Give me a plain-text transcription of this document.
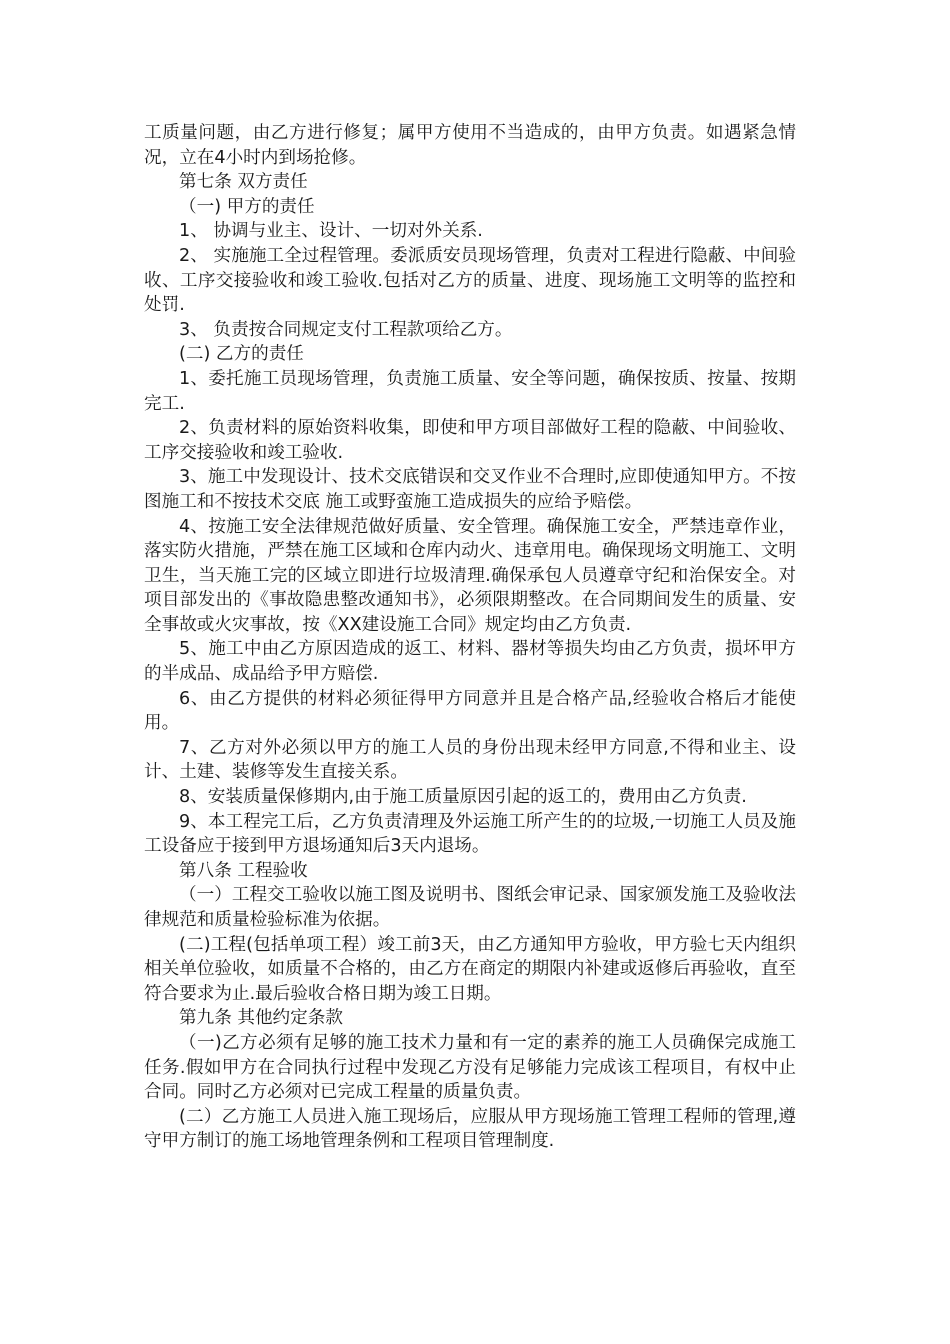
工质量问题，由乙方进行修复；属甲方使用不当造成的，由甲方负责。如遇紧急情况，立在4小时内到场抢修。

第七条 双方责任

（一) 甲方的责任

1、 协调与业主、设计、一切对外关系.

2、 实施施工全过程管理。委派质安员现场管理，负责对工程进行隐蔽、中间验收、工序交接验收和竣工验收.包括对乙方的质量、进度、现场施工文明等的监控和处罚.

3、 负责按合同规定支付工程款项给乙方。

(二) 乙方的责任

1、委托施工员现场管理，负责施工质量、安全等问题，确保按质、按量、按期完工.

2、负责材料的原始资料收集，即使和甲方项目部做好工程的隐蔽、中间验收、工序交接验收和竣工验收.

3、施工中发现设计、技术交底错误和交叉作业不合理时,应即使通知甲方。不按图施工和不按技术交底 施工或野蛮施工造成损失的应给予赔偿。

4、按施工安全法律规范做好质量、安全管理。确保施工安全，严禁违章作业，落实防火措施，严禁在施工区域和仓库内动火、违章用电。确保现场文明施工、文明卫生，当天施工完的区域立即进行垃圾清理.确保承包人员遵章守纪和治保安全。对项目部发出的《事故隐患整改通知书》，必须限期整改。在合同期间发生的质量、安全事故或火灾事故，按《XX建设施工合同》规定均由乙方负责.

5、施工中由乙方原因造成的返工、材料、器材等损失均由乙方负责，损坏甲方的半成品、成品给予甲方赔偿.

6、由乙方提供的材料必须征得甲方同意并且是合格产品,经验收合格后才能使用。

7、乙方对外必须以甲方的施工人员的身份出现未经甲方同意,不得和业主、设计、土建、装修等发生直接关系。

8、安装质量保修期内,由于施工质量原因引起的返工的，费用由乙方负责.

9、本工程完工后，乙方负责清理及外运施工所产生的的垃圾,一切施工人员及施工设备应于接到甲方退场通知后3天内退场。

第八条 工程验收

（一）工程交工验收以施工图及说明书、图纸会审记录、国家颁发施工及验收法律规范和质量检验标准为依据。

(二)工程(包括单项工程）竣工前3天，由乙方通知甲方验收，甲方验七天内组织相关单位验收，如质量不合格的，由乙方在商定的期限内补建或返修后再验收，直至符合要求为止.最后验收合格日期为竣工日期。

第九条 其他约定条款

（一)乙方必须有足够的施工技术力量和有一定的素养的施工人员确保完成施工任务.假如甲方在合同执行过程中发现乙方没有足够能力完成该工程项目，有权中止合同。同时乙方必须对已完成工程量的质量负责。

(二）乙方施工人员进入施工现场后，应服从甲方现场施工管理工程师的管理,遵守甲方制订的施工场地管理条例和工程项目管理制度.
